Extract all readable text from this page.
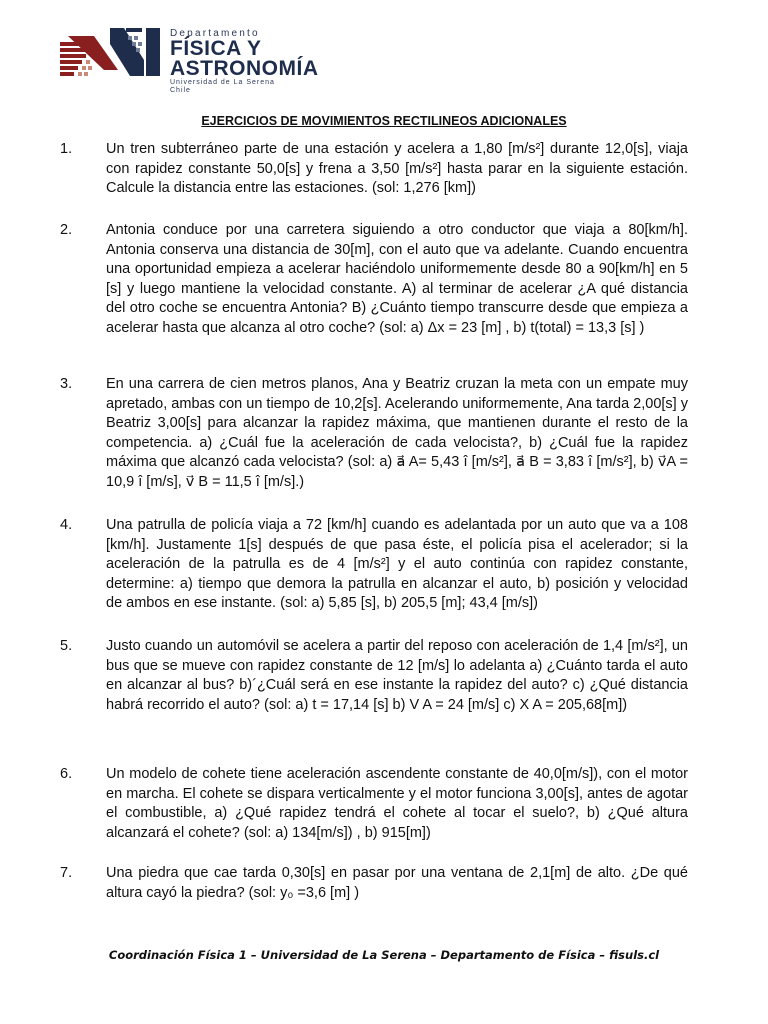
Departamento
FÍSICA Y
ASTRONOMÍA
Universidad de La Serena
Chile
EJERCICIOS DE MOVIMIENTOS RECTILINEOS ADICIONALES
1.	Un tren subterráneo parte de una estación y acelera a 1,80 [m/s²] durante 12,0[s], viaja con rapidez constante 50,0[s] y frena a 3,50 [m/s²] hasta parar en la siguiente estación. Calcule la distancia entre las estaciones. (sol: 1,276 [km])
2.	Antonia conduce por una carretera siguiendo a otro conductor que viaja a 80[km/h]. Antonia conserva una distancia de 30[m], con el auto que va adelante. Cuando encuentra una oportunidad empieza a acelerar haciéndolo uniformemente desde 80 a 90[km/h] en 5 [s] y luego mantiene la velocidad constante. A) al terminar de acelerar ¿A qué distancia del otro coche se encuentra Antonia? B) ¿Cuánto tiempo transcurre desde que empieza a acelerar hasta que alcanza al otro coche? (sol: a) Δx = 23 [m] , b) t(total) = 13,3 [s] )
3.	En una carrera de cien metros planos, Ana y Beatriz cruzan la meta con un empate muy apretado, ambas con un tiempo de 10,2[s]. Acelerando uniformemente, Ana tarda 2,00[s] y Beatriz 3,00[s] para alcanzar la rapidez máxima, que mantienen durante el resto de la competencia. a) ¿Cuál fue la aceleración de cada velocista?, b) ¿Cuál fue la rapidez máxima que alcanzó cada velocista? (sol: a) a⃗ A= 5,43 î [m/s²], a⃗ B = 3,83 î [m/s²], b) v⃗A = 10,9 î [m/s], v⃗ B = 11,5 î [m/s].)
4.	Una patrulla de policía viaja a 72 [km/h] cuando es adelantada por un auto que va a 108 [km/h]. Justamente 1[s] después de que pasa éste, el policía pisa el acelerador; si la aceleración de la patrulla es de 4 [m/s²] y el auto continúa con rapidez constante, determine: a) tiempo que demora la patrulla en alcanzar el auto, b) posición y velocidad de ambos en ese instante. (sol: a) 5,85 [s], b) 205,5 [m]; 43,4 [m/s])
5.	Justo cuando un automóvil se acelera a partir del reposo con aceleración de 1,4 [m/s²], un bus que se mueve con rapidez constante de 12 [m/s] lo adelanta a) ¿Cuánto tarda el auto en alcanzar al bus? b)´¿Cuál será en ese instante la rapidez del auto? c) ¿Qué distancia habrá recorrido el auto? (sol: a) t = 17,14 [s] b) V A = 24 [m/s] c) X A = 205,68[m])
6.	Un modelo de cohete tiene aceleración ascendente constante de 40,0[m/s]), con el motor en marcha. El cohete se dispara verticalmente y el motor funciona 3,00[s], antes de agotar el combustible, a) ¿Qué rapidez tendrá el cohete al tocar el suelo?, b) ¿Qué altura alcanzará el cohete? (sol: a) 134[m/s]) , b) 915[m])
7.	Una piedra que cae tarda 0,30[s] en pasar por una ventana de 2,1[m] de alto. ¿De qué altura cayó la piedra? (sol: y₀ =3,6 [m] )
Coordinación Física 1 – Universidad de La Serena – Departamento de Física – fisuls.cl
